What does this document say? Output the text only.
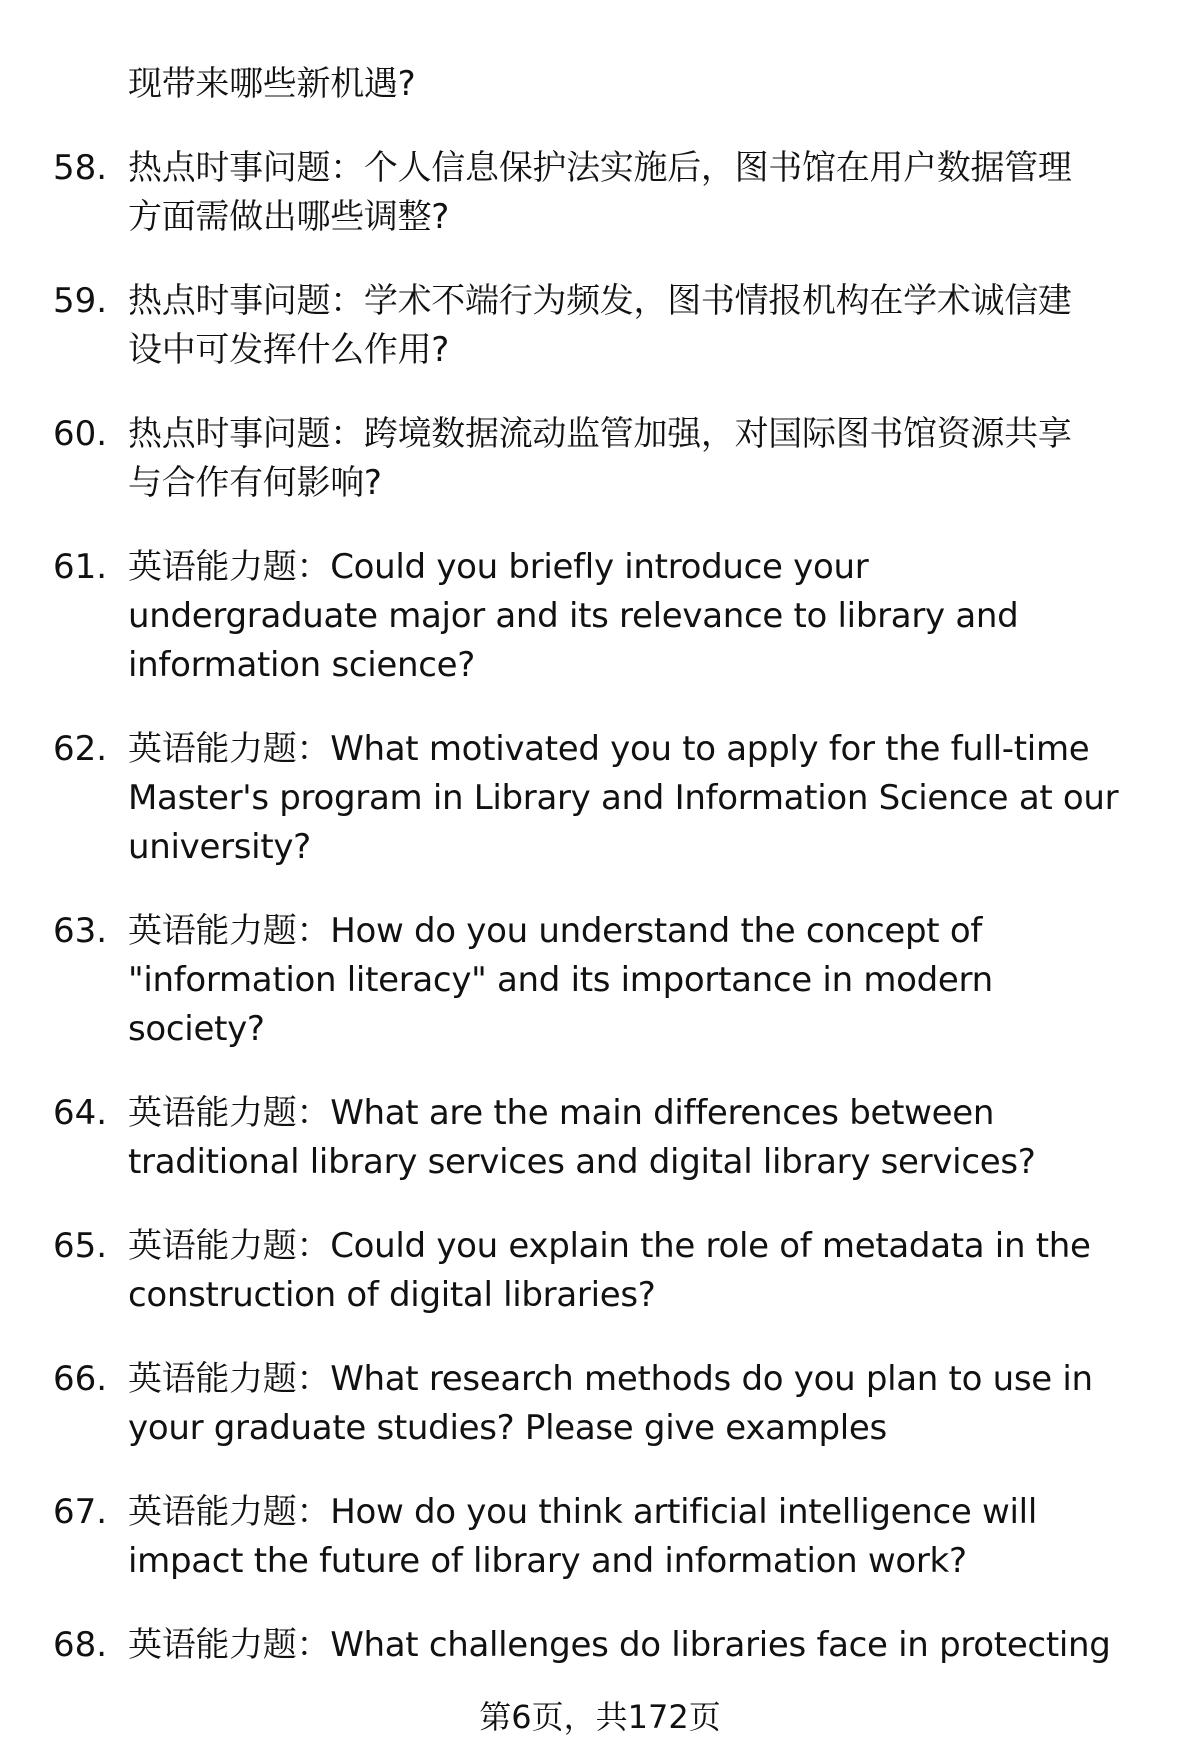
现带来哪些新机遇?
58. 热点时事问题：个人信息保护法实施后，图书馆在用户数据管理
方面需做出哪些调整?
59. 热点时事问题：学术不端行为频发，图书情报机构在学术诚信建
设中可发挥什么作用?
60. 热点时事问题：跨境数据流动监管加强，对国际图书馆资源共享
与合作有何影响?
61. 英语能力题：Could you briefly introduce your
undergraduate major and its relevance to library and
information science?
62. 英语能力题：What motivated you to apply for the full-time
Master's program in Library and Information Science at our
university?
63. 英语能力题：How do you understand the concept of
"information literacy" and its importance in modern
society?
64. 英语能力题：What are the main differences between
traditional library services and digital library services?
65. 英语能力题：Could you explain the role of metadata in the
construction of digital libraries?
66. 英语能力题：What research methods do you plan to use in
your graduate studies? Please give examples
67. 英语能力题：How do you think artificial intelligence will
impact the future of library and information work?
68. 英语能力题：What challenges do libraries face in protecting
第6页，共172页
